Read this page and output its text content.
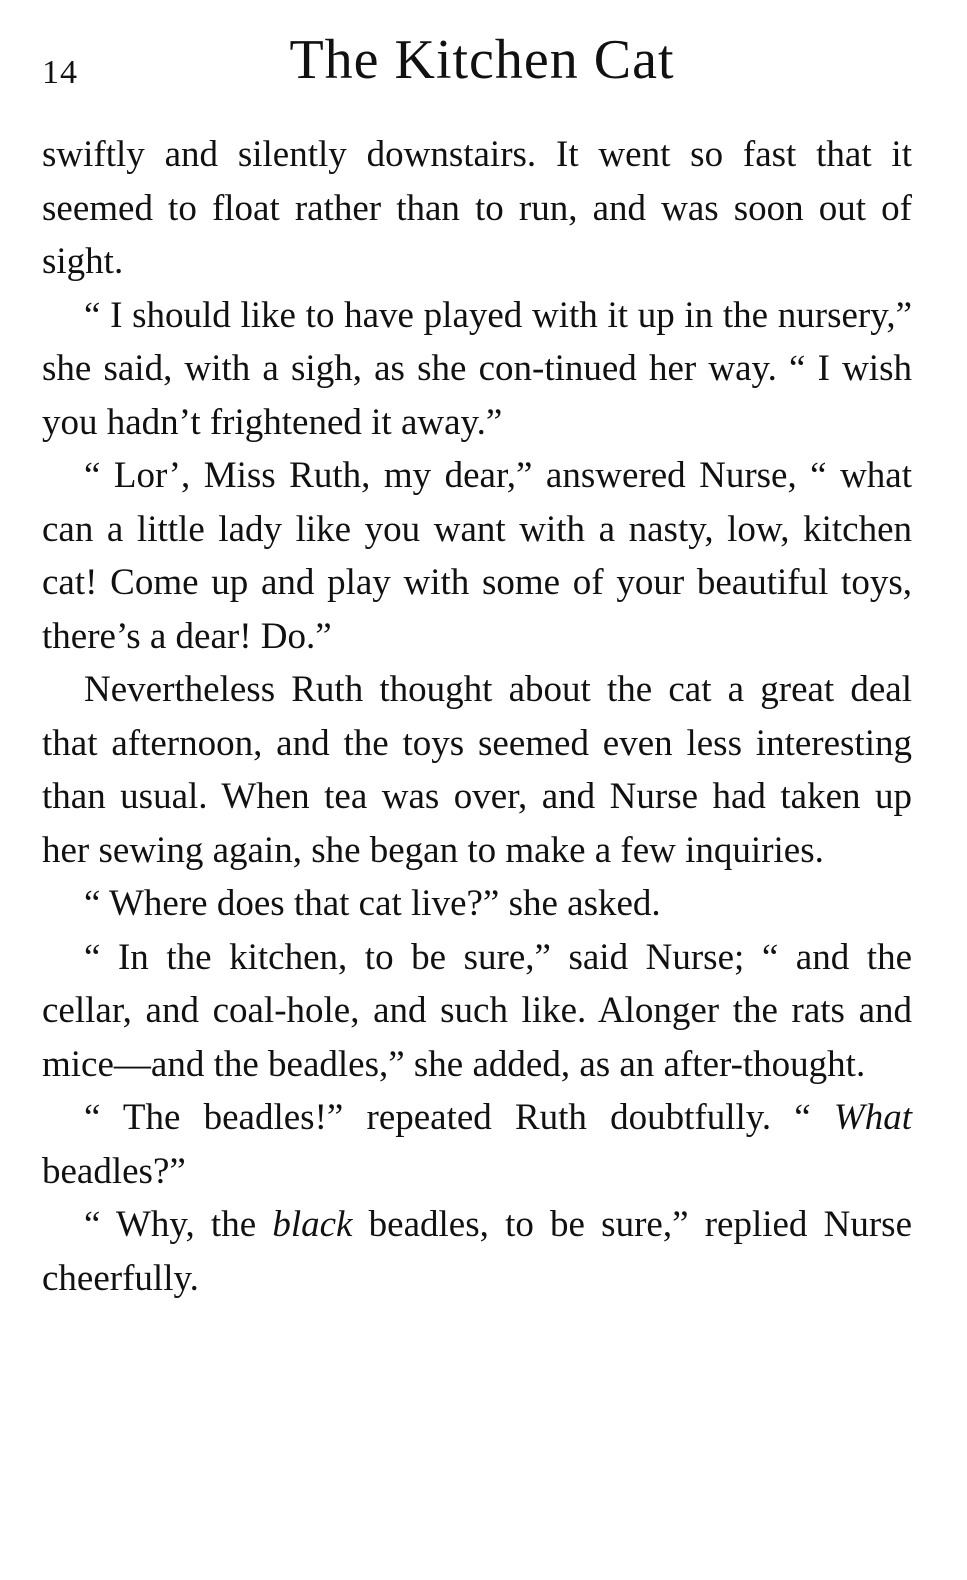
14	The Kitchen Cat

swiftly and silently downstairs. It went so fast that it seemed to float rather than to run, and was soon out of sight.

“ I should like to have played with it up in the nursery,” she said, with a sigh, as she con-tinued her way. “ I wish you hadn’t frightened it away.”

“ Lor’, Miss Ruth, my dear,” answered Nurse, “ what can a little lady like you want with a nasty, low, kitchen cat! Come up and play with some of your beautiful toys, there’s a dear! Do.”

Nevertheless Ruth thought about the cat a great deal that afternoon, and the toys seemed even less interesting than usual. When tea was over, and Nurse had taken up her sewing again, she began to make a few inquiries.

“ Where does that cat live?” she asked.

“ In the kitchen, to be sure,” said Nurse; “ and the cellar, and coal-hole, and such like. Alonger the rats and mice—and the beadles,” she added, as an after-thought.

“ The beadles!” repeated Ruth doubtfully. “ What beadles?”

“ Why, the black beadles, to be sure,” replied Nurse cheerfully.
